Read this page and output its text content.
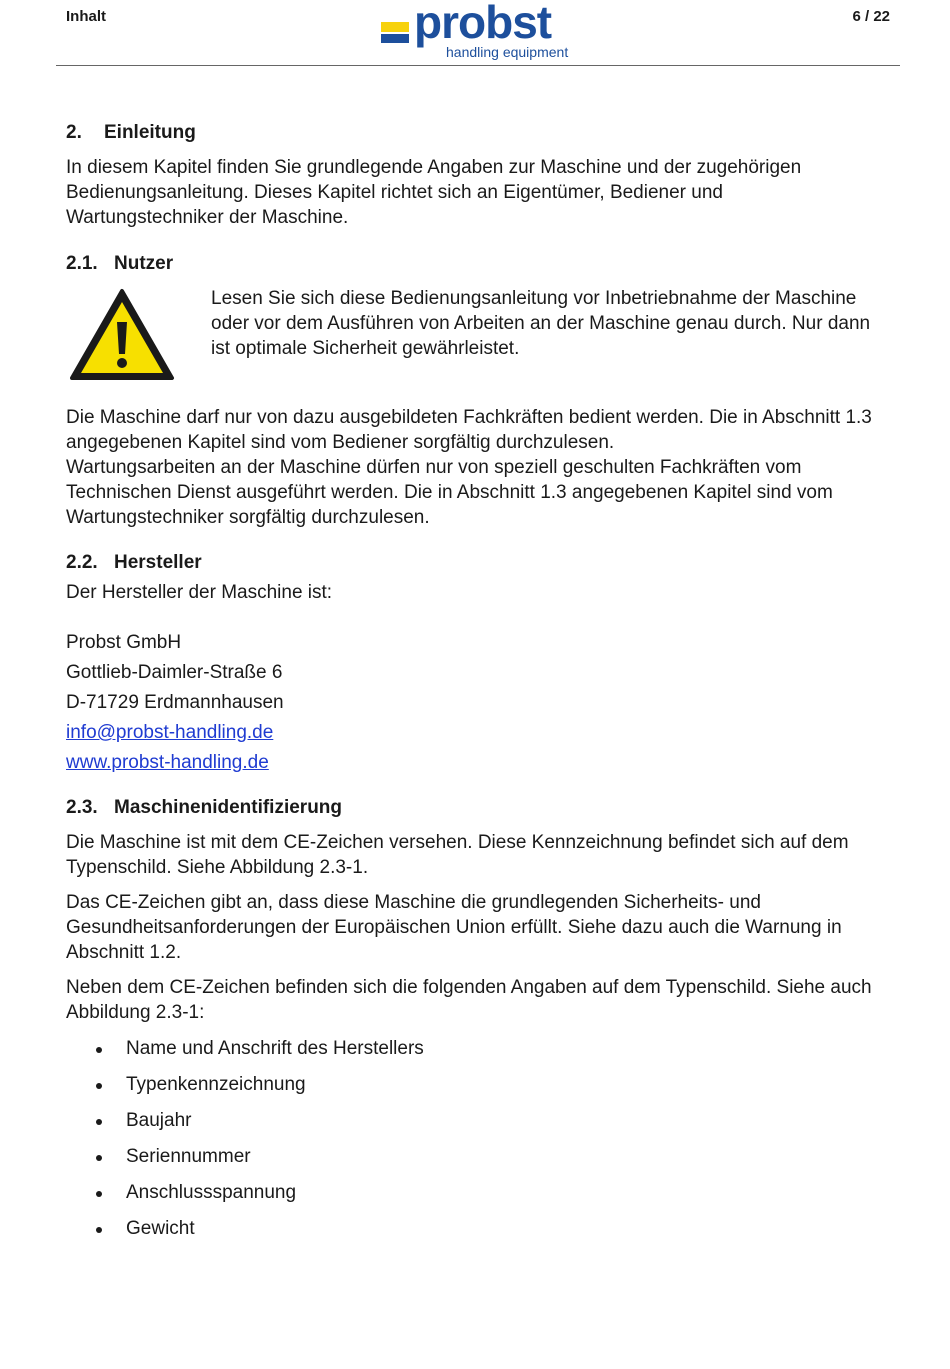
Inhalt	probst
handling equipment
6 / 22
2. Einleitung
In diesem Kapitel finden Sie grundlegende Angaben zur Maschine und der zugehörigen
Bedienungsanleitung. Dieses Kapitel richtet sich an Eigentümer, Bediener und
Wartungstechniker der Maschine.
2.1. Nutzer
Lesen Sie sich diese Bedienungsanleitung vor Inbetriebnahme der Maschine
oder vor dem Ausführen von Arbeiten an der Maschine genau durch. Nur dann
ist optimale Sicherheit gewährleistet.
Die Maschine darf nur von dazu ausgebildeten Fachkräften bedient werden. Die in Abschnitt 1.3
angegebenen Kapitel sind vom Bediener sorgfältig durchzulesen.
Wartungsarbeiten an der Maschine dürfen nur von speziell geschulten Fachkräften vom
Technischen Dienst ausgeführt werden. Die in Abschnitt 1.3 angegebenen Kapitel sind vom
Wartungstechniker sorgfältig durchzulesen.
2.2. Hersteller
Der Hersteller der Maschine ist:
Probst GmbH
Gottlieb-Daimler-Straße 6
D-71729 Erdmannhausen
info@probst-handling.de
www.probst-handling.de
2.3. Maschinenidentifizierung
Die Maschine ist mit dem CE-Zeichen versehen. Diese Kennzeichnung befindet sich auf dem
Typenschild. Siehe Abbildung 2.3-1.
Das CE-Zeichen gibt an, dass diese Maschine die grundlegenden Sicherheits- und
Gesundheitsanforderungen der Europäischen Union erfüllt. Siehe dazu auch die Warnung in
Abschnitt 1.2.
Neben dem CE-Zeichen befinden sich die folgenden Angaben auf dem Typenschild. Siehe auch
Abbildung 2.3-1:
Name und Anschrift des Herstellers
Typenkennzeichnung
Baujahr
Seriennummer
Anschlussspannung
Gewicht
